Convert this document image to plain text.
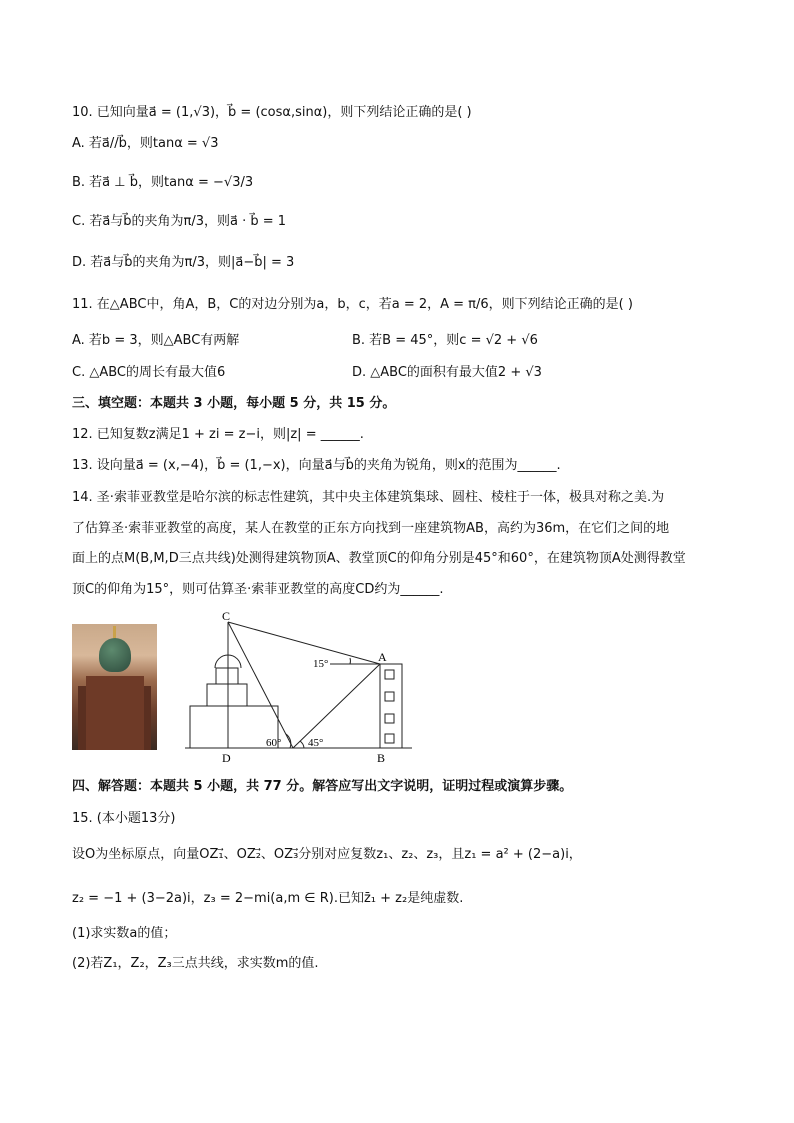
10. 已知向量a⃗ = (1,√3)，b⃗ = (cosα,sinα)，则下列结论正确的是( )
A. 若a⃗//b⃗，则tanα = √3
B. 若a⃗ ⊥ b⃗，则tanα = −√3/3
C. 若a⃗与b⃗的夹角为π/3，则a⃗ · b⃗ = 1
D. 若a⃗与b⃗的夹角为π/3，则|a⃗−b⃗| = 3
11. 在△ABC中，角A，B，C的对边分别为a，b，c，若a = 2，A = π/6，则下列结论正确的是( )
A. 若b = 3，则△ABC有两解	B. 若B = 45°，则c = √2 + √6
C. △ABC的周长有最大值6	D. △ABC的面积有最大值2 + √3
三、填空题：本题共 3 小题，每小题 5 分，共 15 分。
12. 已知复数z满足1 + zi = z−i，则|z| = ______.
13. 设向量a⃗ = (x,−4)，b⃗ = (1,−x)，向量a⃗与b⃗的夹角为锐角，则x的范围为______.
14. 圣·索菲亚教堂是哈尔滨的标志性建筑，其中央主体建筑集球、圆柱、棱柱于一体，极具对称之美.为
了估算圣·索菲亚教堂的高度，某人在教堂的正东方向找到一座建筑物AB，高约为36m，在它们之间的地
面上的点M(B,M,D三点共线)处测得建筑物顶A、教堂顶C的仰角分别是45°和60°，在建筑物顶A处测得教堂
顶C的仰角为15°，则可估算圣·索菲亚教堂的高度CD约为______.
C
A
D	B
15°
60° 45°
四、解答题：本题共 5 小题，共 77 分。解答应写出文字说明，证明过程或演算步骤。
15. (本小题13分)
设O为坐标原点，向量OZ₁⃗、OZ₂⃗、OZ₃⃗分别对应复数z₁、z₂、z₃，且z₁ = a² + (2−a)i，
z₂ = −1 + (3−2a)i，z₃ = 2−mi(a,m ∈ R).已知z̄₁ + z₂是纯虚数.
(1)求实数a的值；
(2)若Z₁，Z₂，Z₃三点共线，求实数m的值.
